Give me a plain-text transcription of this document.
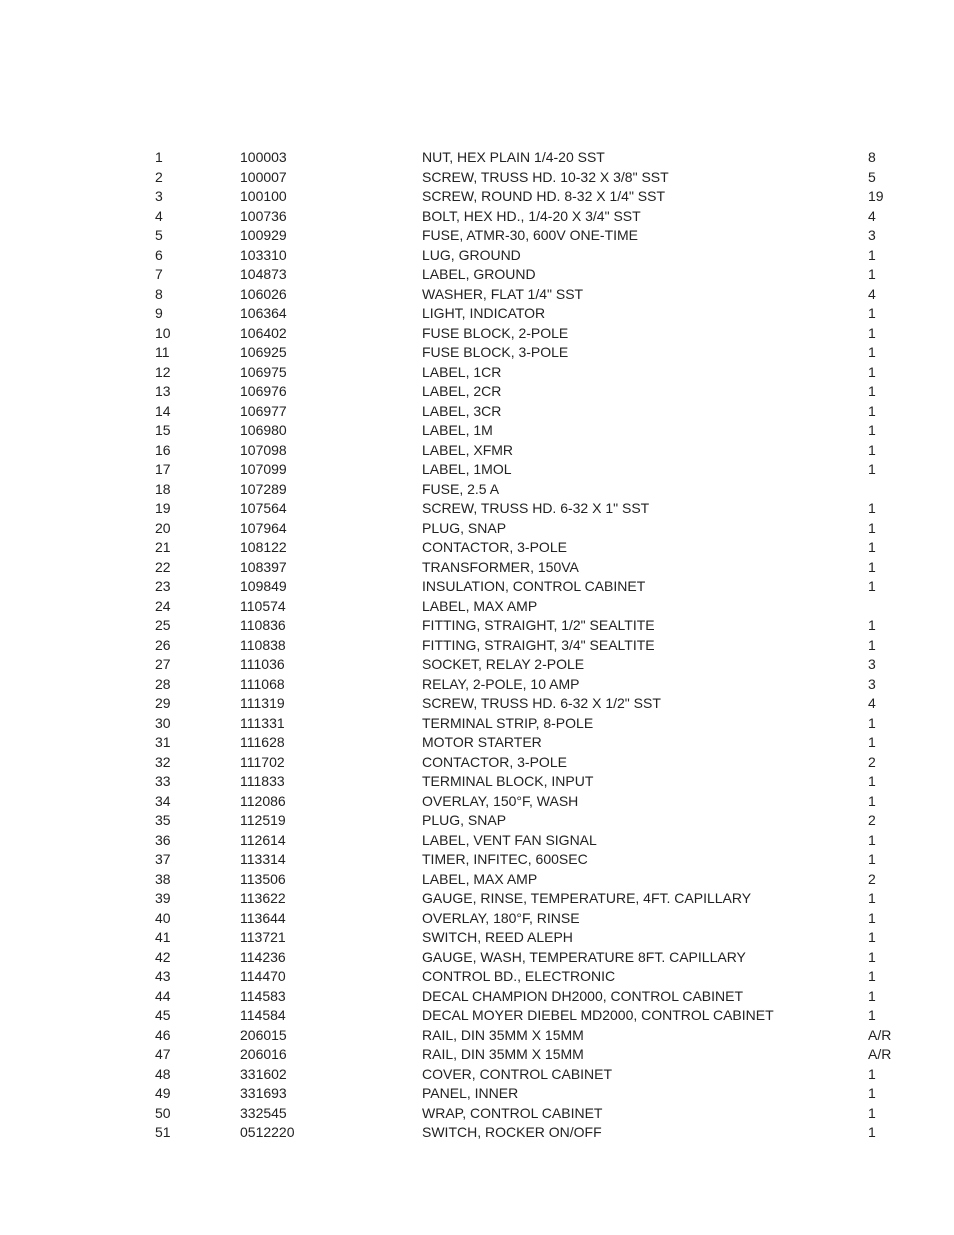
1	100003	NUT, HEX PLAIN 1/4-20 SST	8
2	100007	SCREW, TRUSS HD. 10-32 X 3/8" SST	5
3	100100	SCREW, ROUND HD. 8-32 X 1/4" SST	19
4	100736	BOLT, HEX HD., 1/4-20 X 3/4" SST	4
5	100929	FUSE, ATMR-30, 600V ONE-TIME	3
6	103310	LUG, GROUND	1
7	104873	LABEL, GROUND	1
8	106026	WASHER, FLAT 1/4" SST	4
9	106364	LIGHT, INDICATOR	1
10	106402	FUSE BLOCK, 2-POLE	1
11	106925	FUSE BLOCK, 3-POLE	1
12	106975	LABEL, 1CR	1
13	106976	LABEL, 2CR	1
14	106977	LABEL, 3CR	1
15	106980	LABEL, 1M	1
16	107098	LABEL, XFMR	1
17	107099	LABEL, 1MOL	1
18	107289	FUSE, 2.5 A	
19	107564	SCREW, TRUSS HD. 6-32 X 1" SST	1
20	107964	PLUG, SNAP	1
21	108122	CONTACTOR, 3-POLE	1
22	108397	TRANSFORMER, 150VA	1
23	109849	INSULATION, CONTROL CABINET	1
24	110574	LABEL, MAX AMP	
25	110836	FITTING, STRAIGHT, 1/2" SEALTITE	1
26	110838	FITTING, STRAIGHT, 3/4" SEALTITE	1
27	111036	SOCKET, RELAY 2-POLE	3
28	111068	RELAY, 2-POLE, 10 AMP	3
29	111319	SCREW, TRUSS HD. 6-32 X 1/2" SST	4
30	111331	TERMINAL STRIP, 8-POLE	1
31	111628	MOTOR STARTER	1
32	111702	CONTACTOR, 3-POLE	2
33	111833	TERMINAL BLOCK, INPUT	1
34	112086	OVERLAY, 150°F, WASH	1
35	112519	PLUG, SNAP	2
36	112614	LABEL, VENT FAN SIGNAL	1
37	113314	TIMER, INFITEC, 600SEC	1
38	113506	LABEL, MAX AMP	2
39	113622	GAUGE, RINSE, TEMPERATURE, 4FT. CAPILLARY	1
40	113644	OVERLAY, 180°F, RINSE	1
41	113721	SWITCH, REED ALEPH	1
42	114236	GAUGE, WASH, TEMPERATURE 8FT. CAPILLARY	1
43	114470	CONTROL BD., ELECTRONIC	1
44	114583	DECAL CHAMPION DH2000, CONTROL CABINET	1
45	114584	DECAL MOYER DIEBEL MD2000, CONTROL CABINET	1
46	206015	RAIL, DIN 35MM X 15MM	A/R
47	206016	RAIL, DIN 35MM X 15MM	A/R
48	331602	COVER, CONTROL CABINET	1
49	331693	PANEL, INNER	1
50	332545	WRAP, CONTROL CABINET	1
51	0512220	SWITCH, ROCKER ON/OFF	1
